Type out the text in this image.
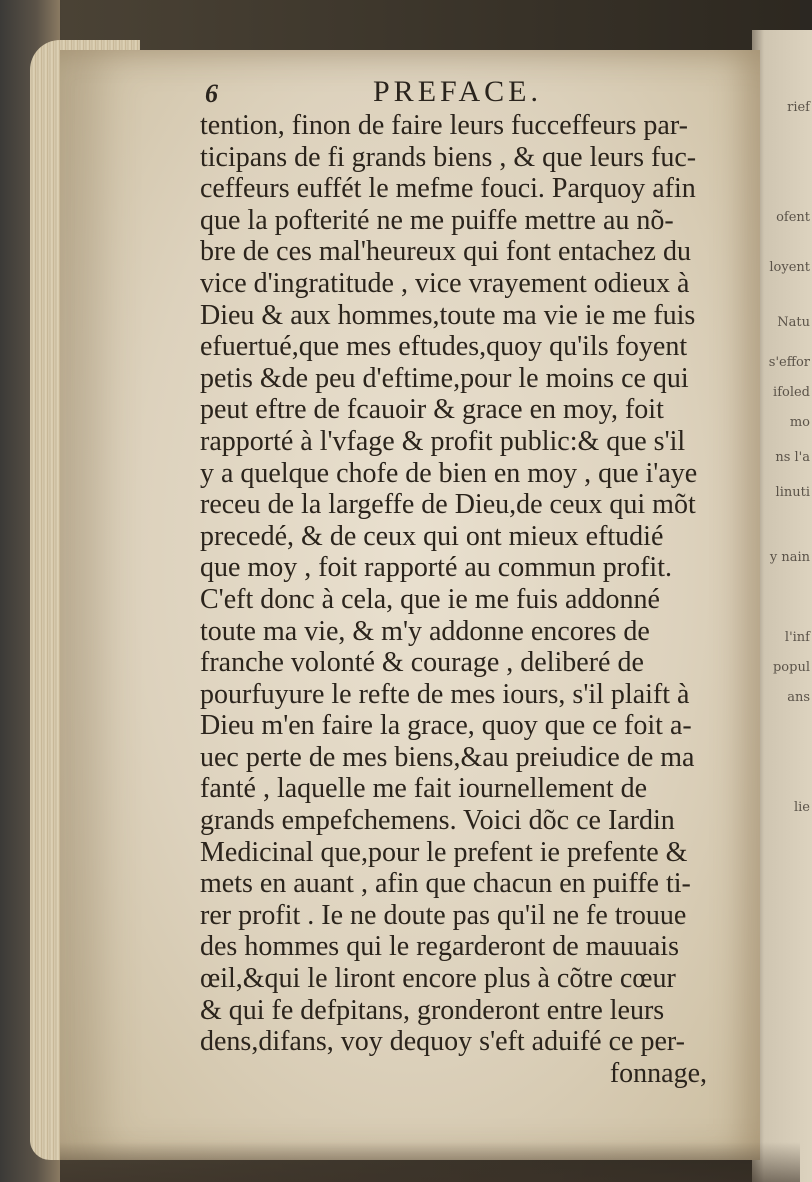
rief
ofent
loyent
Natu
s'effor
ifoled
mo
ns l'a
linuti
y nain
l'inf
popul
ans
lie
6	PREFACE.
tention, finon de faire leurs fucceffeurs par-
ticipans de fi grands biens , & que leurs fuc-
ceffeurs euffét le mefme fouci. Parquoy afin
que la pofterité ne me puiffe mettre au nõ-
bre de ces mal'heureux qui font entachez du
vice d'ingratitude , vice vrayement odieux à
Dieu & aux hommes,toute ma vie ie me fuis
efuertué,que mes eftudes,quoy qu'ils foyent
petis &de peu d'eftime,pour le moins ce qui
peut eftre de fcauoir & grace en moy, foit
rapporté à l'vfage & profit public:& que s'il
y a quelque chofe de bien en moy , que i'aye
receu de la largeffe de Dieu,de ceux qui mõt
precedé, & de ceux qui ont mieux eftudié
que moy , foit rapporté au commun profit.
C'eft donc à cela, que ie me fuis addonné
toute ma vie, & m'y addonne encores de
franche volonté & courage , deliberé de
pourfuyure le refte de mes iours, s'il plaift à
Dieu m'en faire la grace, quoy que ce foit a-
uec perte de mes biens,&au preiudice de ma
fanté , laquelle me fait iournellement de
grands empefchemens. Voici dõc ce Iardin
Medicinal que,pour le prefent ie prefente &
mets en auant , afin que chacun en puiffe ti-
rer profit . Ie ne doute pas qu'il ne fe trouue
des hommes qui le regarderont de mauuais
œil,&qui le liront encore plus à cõtre cœur
& qui fe defpitans, gronderont entre leurs
dens,difans, voy dequoy s'eft aduifé ce per-
fonnage,
